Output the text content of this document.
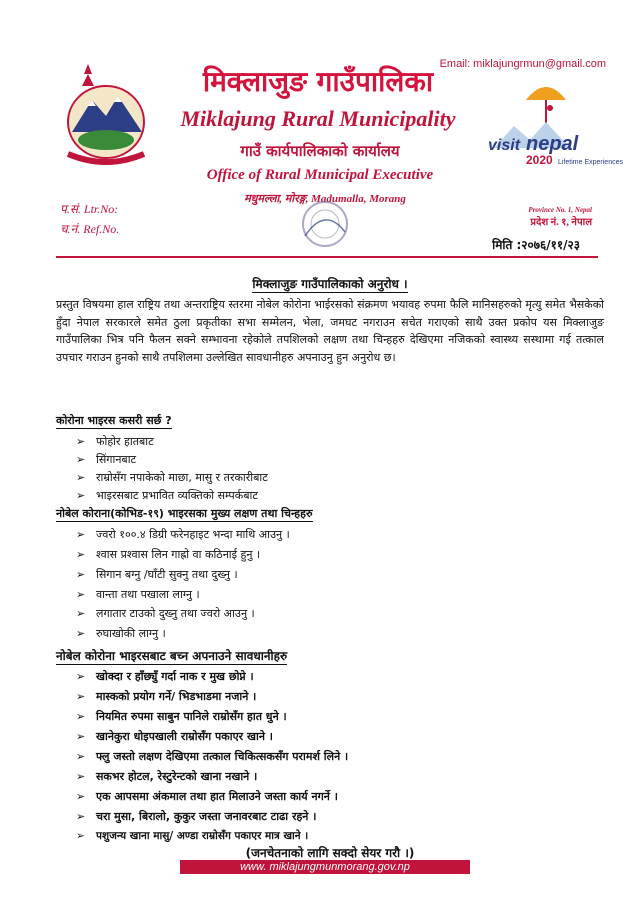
Email: miklajungrmun@gmail.com
मिक्लाजुङ गाउँपालिका
Miklajung Rural Municipality
गाउँ कार्यपालिकाको कार्यालय
Office of Rural Municipal Executive
मधुमल्ला, मोरङ्ग, Madumalla, Morang
visit nepal
2020 Lifetime Experiences
प.सं. Ltr.No:
च.नं. Ref.No.
Province No. 1, Nepal
प्रदेश नं. १, नेपाल
मिति :२०७६/११/२३
मिक्लाजुङ गाउँपालिकाको अनुरोध ।
प्रस्तुत विषयमा हाल राष्ट्रिय तथा अन्तराष्ट्रिय स्तरमा नोबेल कोरोना भाईरसको संक्रमण भयावह रुपमा फैलि मानिसहरुको मृत्यु समेत भैसकेको हुँदा नेपाल सरकारले समेत ठुला प्रकृतीका सभा सम्मेलन, भेला, जमघट नगराउन सचेत गराएको साथै उक्त प्रकोप यस मिक्लाजुङ गाउँपालिका भित्र पनि फैलन सक्ने सम्भावना रहेकोले तपशिलको लक्षण तथा चिन्हहरु देखिएमा नजिकको स्वास्थ्य सस्थामा गई तत्काल उपचार गराउन हुनको साथै तपशिलमा उल्लेखित सावधानीहरु अपनाउनु हुन अनुरोध छ।
कोरोना भाइरस कसरी सर्छ ?
➢ फोहोर हातबाट
➢ सिंगानबाट
➢ राम्रोसँग नपाकेको माछा, मासु र तरकारीबाट
➢ भाइरसबाट प्रभावित व्यक्तिको सम्पर्कबाट
नोबेल कोराना(कोभिड-१९) भाइरसका मुख्य लक्षण तथा चिन्हहरु
➢ ज्वरो १००.४ डिग्री फरेनहाइट भन्दा माथि आउनु ।
➢ श्वास प्रश्वास लिन गाह्रो वा कठिनाई हुनु ।
➢ सिगान बग्नु /घाँटी सुक्नु तथा दुख्नु ।
➢ वान्ता तथा पखाला लाग्नु ।
➢ लगातार टाउको दुख्नु तथा ज्वरो आउनु ।
➢ रुघाखोकी लाग्नु ।
नोबेल कोरोना भाइरसबाट बच्न अपनाउने सावधानीहरु
➢ खोक्दा र हाँछ्युँ गर्दा नाक र मुख छोप्ने ।
➢ मास्कको प्रयोग गर्ने/ भिडभाडमा नजाने ।
➢ नियमित रुपमा साबुन पानिले राम्रोसँग हात धुने ।
➢ खानेकुरा धोइपखाली राम्रोसँग पकाएर खाने ।
➢ फ्लु जस्तो लक्षण देखिएमा तत्काल चिकित्सकसँग परामर्श लिने ।
➢ सकभर होटल, रेस्टुरेन्टको खाना नखाने ।
➢ एक आपसमा अंकमाल तथा हात मिलाउने जस्ता कार्य नगर्ने ।
➢ चरा मुसा, बिरालो, कुकुर जस्ता जनावरबाट टाढा रहने ।
➢ पशुजन्य खाना मासु/ अण्डा राम्रोसँग पकाएर मात्र खाने ।
(जनचेतनाको लागि सक्दो सेयर गरौ ।)
www. miklajungmunmorang.gov.np
